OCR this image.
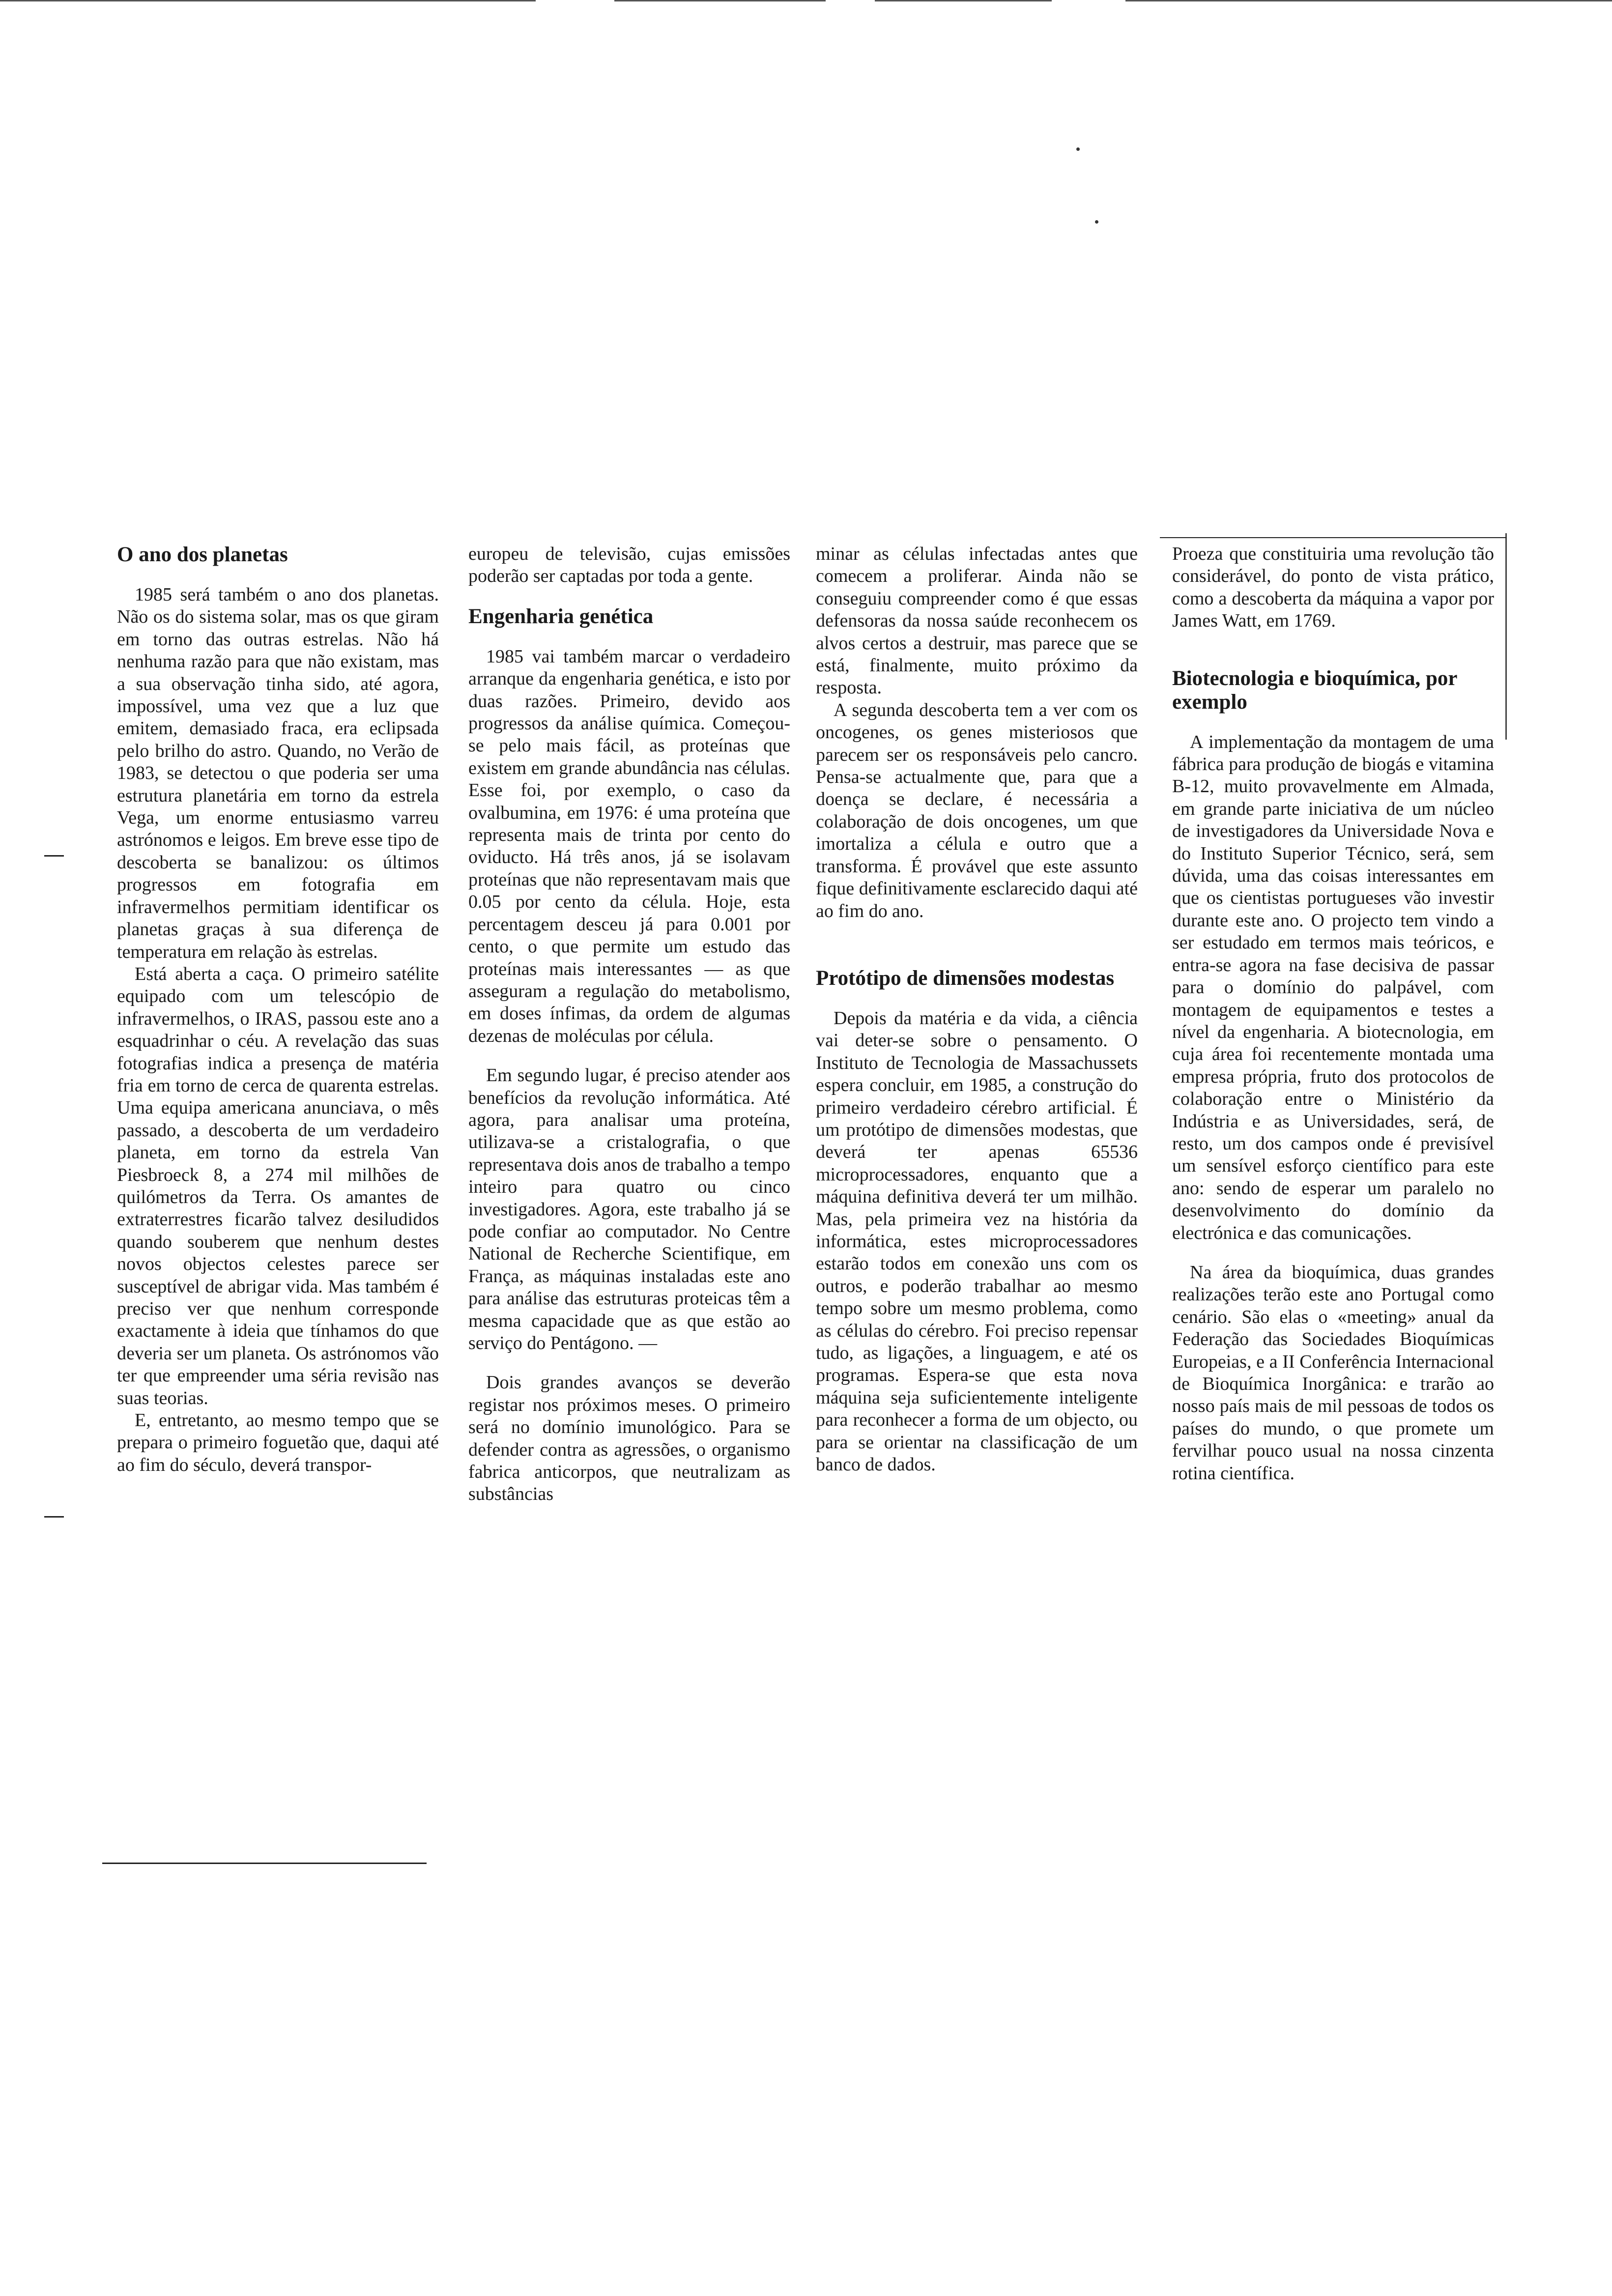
O ano dos planetas

1985 será também o ano dos planetas. Não os do sistema solar, mas os que giram em torno das outras estrelas. Não há nenhuma razão para que não existam, mas a sua observação tinha sido, até agora, impossível, uma vez que a luz que emitem, demasiado fraca, era eclipsada pelo brilho do astro. Quando, no Verão de 1983, se detectou o que poderia ser uma estrutura planetária em torno da estrela Vega, um enorme entusiasmo varreu astrónomos e leigos. Em breve esse tipo de descoberta se banalizou: os últimos progressos em fotografia em infravermelhos permitiam identificar os planetas graças à sua diferença de temperatura em relação às estrelas.

Está aberta a caça. O primeiro satélite equipado com um telescópio de infravermelhos, o IRAS, passou este ano a esquadrinhar o céu. A revelação das suas fotografias indica a presença de matéria fria em torno de cerca de quarenta estrelas. Uma equipa americana anunciava, o mês passado, a descoberta de um verdadeiro planeta, em torno da estrela Van Piesbroeck 8, a 274 mil milhões de quilómetros da Terra. Os amantes de extraterrestres ficarão talvez desiludidos quando souberem que nenhum destes novos objectos celestes parece ser susceptível de abrigar vida. Mas também é preciso ver que nenhum corresponde exactamente à ideia que tínhamos do que deveria ser um planeta. Os astrónomos vão ter que empreender uma séria revisão nas suas teorias.

E, entretanto, ao mesmo tempo que se prepara o primeiro foguetão que, daqui até ao fim do século, deverá transpor-

europeu de televisão, cujas emissões poderão ser captadas por toda a gente.

Engenharia genética

1985 vai também marcar o verdadeiro arranque da engenharia genética, e isto por duas razões. Primeiro, devido aos progressos da análise química. Começou-se pelo mais fácil, as proteínas que existem em grande abundância nas células. Esse foi, por exemplo, o caso da ovalbumina, em 1976: é uma proteína que representa mais de trinta por cento do oviducto. Há três anos, já se isolavam proteínas que não representavam mais que 0.05 por cento da célula. Hoje, esta percentagem desceu já para 0.001 por cento, o que permite um estudo das proteínas mais interessantes — as que asseguram a regulação do metabolismo, em doses ínfimas, da ordem de algumas dezenas de moléculas por célula.

Em segundo lugar, é preciso atender aos benefícios da revolução informática. Até agora, para analisar uma proteína, utilizava-se a cristalografia, o que representava dois anos de trabalho a tempo inteiro para quatro ou cinco investigadores. Agora, este trabalho já se pode confiar ao computador. No Centre National de Recherche Scientifique, em França, as máquinas instaladas este ano para análise das estruturas proteicas têm a mesma capacidade que as que estão ao serviço do Pentágono. —

Dois grandes avanços se deverão registar nos próximos meses. O primeiro será no domínio imunológico. Para se defender contra as agressões, o organismo fabrica anticorpos, que neutralizam as substâncias

minar as células infectadas antes que comecem a proliferar. Ainda não se conseguiu compreender como é que essas defensoras da nossa saúde reconhecem os alvos certos a destruir, mas parece que se está, finalmente, muito próximo da resposta.

A segunda descoberta tem a ver com os oncogenes, os genes misteriosos que parecem ser os responsáveis pelo cancro. Pensa-se actualmente que, para que a doença se declare, é necessária a colaboração de dois oncogenes, um que imortaliza a célula e outro que a transforma. É provável que este assunto fique definitivamente esclarecido daqui até ao fim do ano.

Protótipo de dimensões modestas

Depois da matéria e da vida, a ciência vai deter-se sobre o pensamento. O Instituto de Tecnologia de Massachussets espera concluir, em 1985, a construção do primeiro verdadeiro cérebro artificial. É um protótipo de dimensões modestas, que deverá ter apenas 65536 microprocessadores, enquanto que a máquina definitiva deverá ter um milhão. Mas, pela primeira vez na história da informática, estes microprocessadores estarão todos em conexão uns com os outros, e poderão trabalhar ao mesmo tempo sobre um mesmo problema, como as células do cérebro. Foi preciso repensar tudo, as ligações, a linguagem, e até os programas. Espera-se que esta nova máquina seja suficientemente inteligente para reconhecer a forma de um objecto, ou para se orientar na classificação de um banco de dados.

Proeza que constituiria uma revolução tão considerável, do ponto de vista prático, como a descoberta da máquina a vapor por James Watt, em 1769.

Biotecnologia e bioquímica, por exemplo

A implementação da montagem de uma fábrica para produção de biogás e vitamina B-12, muito provavelmente em Almada, em grande parte iniciativa de um núcleo de investigadores da Universidade Nova e do Instituto Superior Técnico, será, sem dúvida, uma das coisas interessantes em que os cientistas portugueses vão investir durante este ano. O projecto tem vindo a ser estudado em termos mais teóricos, e entra-se agora na fase decisiva de passar para o domínio do palpável, com montagem de equipamentos e testes a nível da engenharia. A biotecnologia, em cuja área foi recentemente montada uma empresa própria, fruto dos protocolos de colaboração entre o Ministério da Indústria e as Universidades, será, de resto, um dos campos onde é previsível um sensível esforço científico para este ano: sendo de esperar um paralelo no desenvolvimento do domínio da electrónica e das comunicações.

Na área da bioquímica, duas grandes realizações terão este ano Portugal como cenário. São elas o «meeting» anual da Federação das Sociedades Bioquímicas Europeias, e a II Conferência Internacional de Bioquímica Inorgânica: e trarão ao nosso país mais de mil pessoas de todos os países do mundo, o que promete um fervilhar pouco usual na nossa cinzenta rotina científica.
